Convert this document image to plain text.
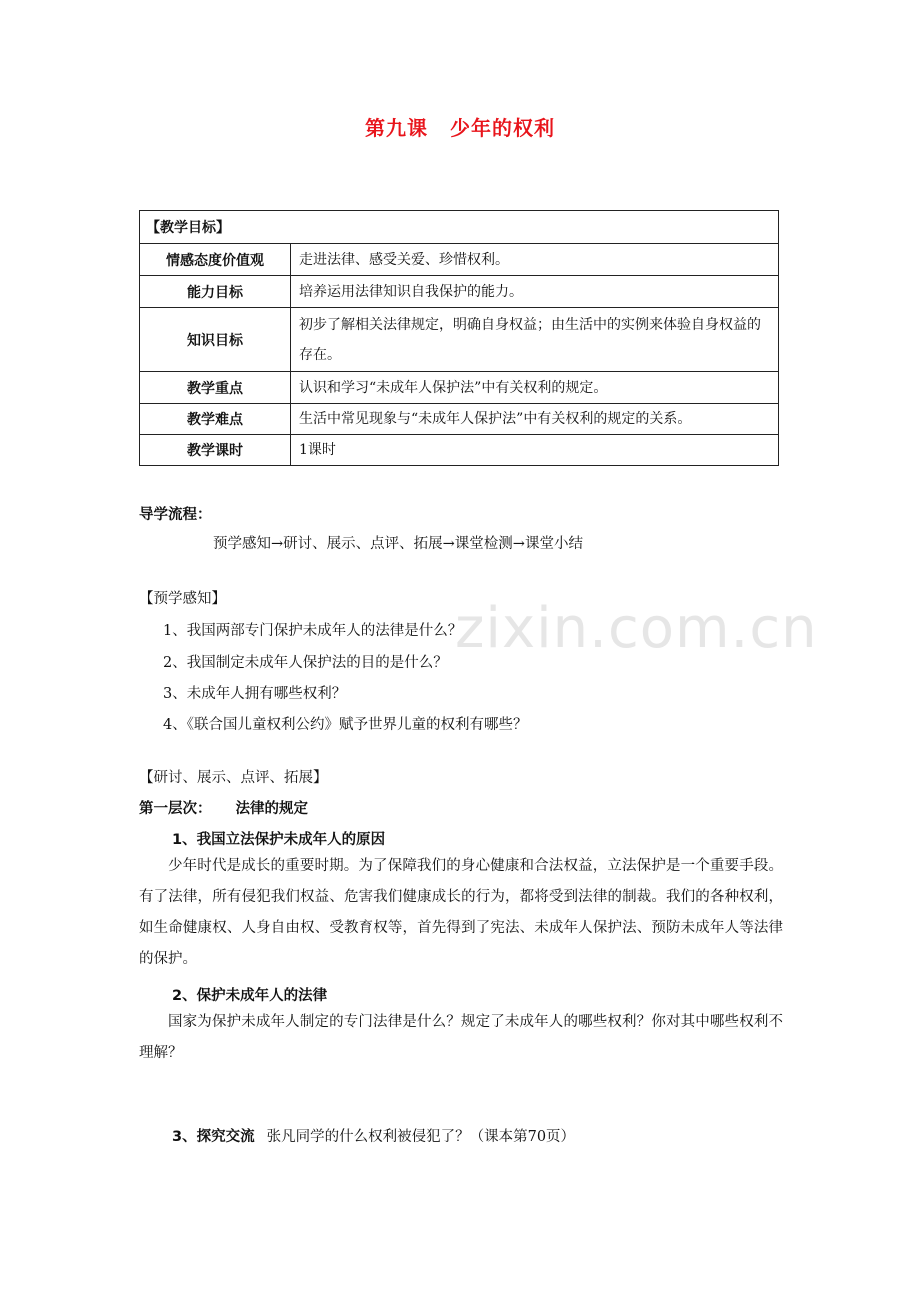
第九课 少年的权利
【教学目标】	
情感态度价值观	走进法律、感受关爱、珍惜权利。
能力目标	培养运用法律知识自我保护的能力。
知识目标	初步了解相关法律规定，明确自身权益；由生活中的实例来体验自身权益的存在。
教学重点	认识和学习“未成年人保护法”中有关权利的规定。
教学难点	生活中常见现象与“未成年人保护法”中有关权利的规定的关系。
教学课时	1课时
导学流程：
预学感知→研讨、展示、点评、拓展→课堂检测→课堂小结
zixin.com.cn
【预学感知】
1、我国两部专门保护未成年人的法律是什么？
2、我国制定未成年人保护法的目的是什么？
3、未成年人拥有哪些权利？
4、《联合国儿童权利公约》赋予世界儿童的权利有哪些？
【研讨、展示、点评、拓展】
第一层次： 法律的规定
1、我国立法保护未成年人的原因
少年时代是成长的重要时期。为了保障我们的身心健康和合法权益，立法保护是一个重要手段。有了法律，所有侵犯我们权益、危害我们健康成长的行为，都将受到法律的制裁。我们的各种权利，如生命健康权、人身自由权、受教育权等，首先得到了宪法、未成年人保护法、预防未成年人等法律的保护。
2、保护未成年人的法律
国家为保护未成年人制定的专门法律是什么？规定了未成年人的哪些权利？你对其中哪些权利不理解？
3、探究交流 张凡同学的什么权利被侵犯了？（课本第70页）
